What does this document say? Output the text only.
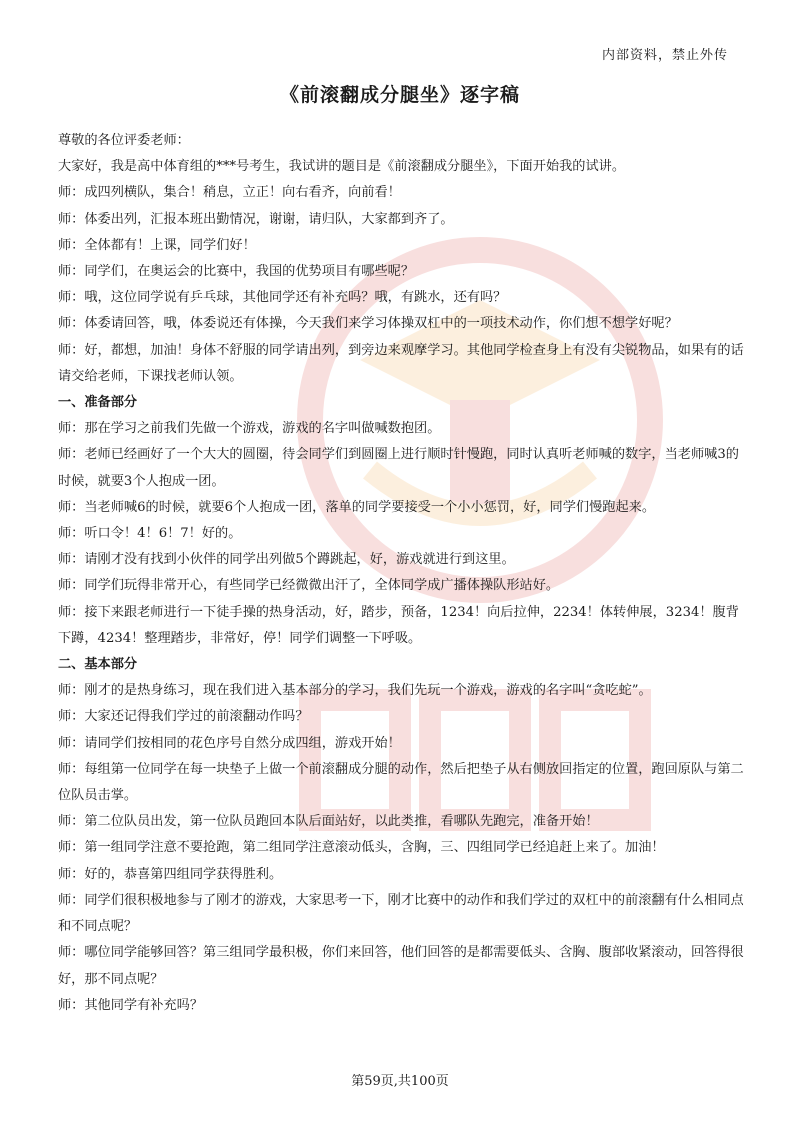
内部资料，禁止外传
《前滚翻成分腿坐》逐字稿

尊敬的各位评委老师：

大家好，我是高中体育组的***号考生，我试讲的题目是《前滚翻成分腿坐》，下面开始我的试讲。

师：成四列横队，集合！稍息，立正！向右看齐，向前看！

师：体委出列，汇报本班出勤情况，谢谢，请归队，大家都到齐了。

师：全体都有！上课，同学们好！

师：同学们，在奥运会的比赛中，我国的优势项目有哪些呢？

师：哦，这位同学说有乒乓球，其他同学还有补充吗？哦，有跳水，还有吗？

师：体委请回答，哦，体委说还有体操，今天我们来学习体操双杠中的一项技术动作，你们想不想学好呢？

师：好，都想，加油！身体不舒服的同学请出列，到旁边来观摩学习。其他同学检查身上有没有尖锐物品，如果有的话请交给老师，下课找老师认领。

一、准备部分

师：那在学习之前我们先做一个游戏，游戏的名字叫做喊数抱团。

师：老师已经画好了一个大大的圆圈，待会同学们到圆圈上进行顺时针慢跑，同时认真听老师喊的数字，当老师喊3的时候，就要3个人抱成一团。

师：当老师喊6的时候，就要6个人抱成一团，落单的同学要接受一个小小惩罚，好，同学们慢跑起来。

师：听口令！4！6！7！好的。

师：请刚才没有找到小伙伴的同学出列做5个蹲跳起，好，游戏就进行到这里。

师：同学们玩得非常开心，有些同学已经微微出汗了，全体同学成广播体操队形站好。

师：接下来跟老师进行一下徒手操的热身活动，好，踏步，预备，1234！向后拉伸，2234！体转伸展，3234！腹背下蹲，4234！整理踏步，非常好，停！同学们调整一下呼吸。

二、基本部分

师：刚才的是热身练习，现在我们进入基本部分的学习，我们先玩一个游戏，游戏的名字叫“贪吃蛇”。

师：大家还记得我们学过的前滚翻动作吗？

师：请同学们按相同的花色序号自然分成四组，游戏开始！

师：每组第一位同学在每一块垫子上做一个前滚翻成分腿的动作，然后把垫子从右侧放回指定的位置，跑回原队与第二位队员击掌。

师：第二位队员出发，第一位队员跑回本队后面站好，以此类推，看哪队先跑完，准备开始！

师：第一组同学注意不要抢跑，第二组同学注意滚动低头，含胸，三、四组同学已经追赶上来了。加油！

师：好的，恭喜第四组同学获得胜利。

师：同学们很积极地参与了刚才的游戏，大家思考一下，刚才比赛中的动作和我们学过的双杠中的前滚翻有什么相同点和不同点呢？

师：哪位同学能够回答？第三组同学最积极，你们来回答，他们回答的是都需要低头、含胸、腹部收紧滚动，回答得很好，那不同点呢？

师：其他同学有补充吗？

第59页,共100页
